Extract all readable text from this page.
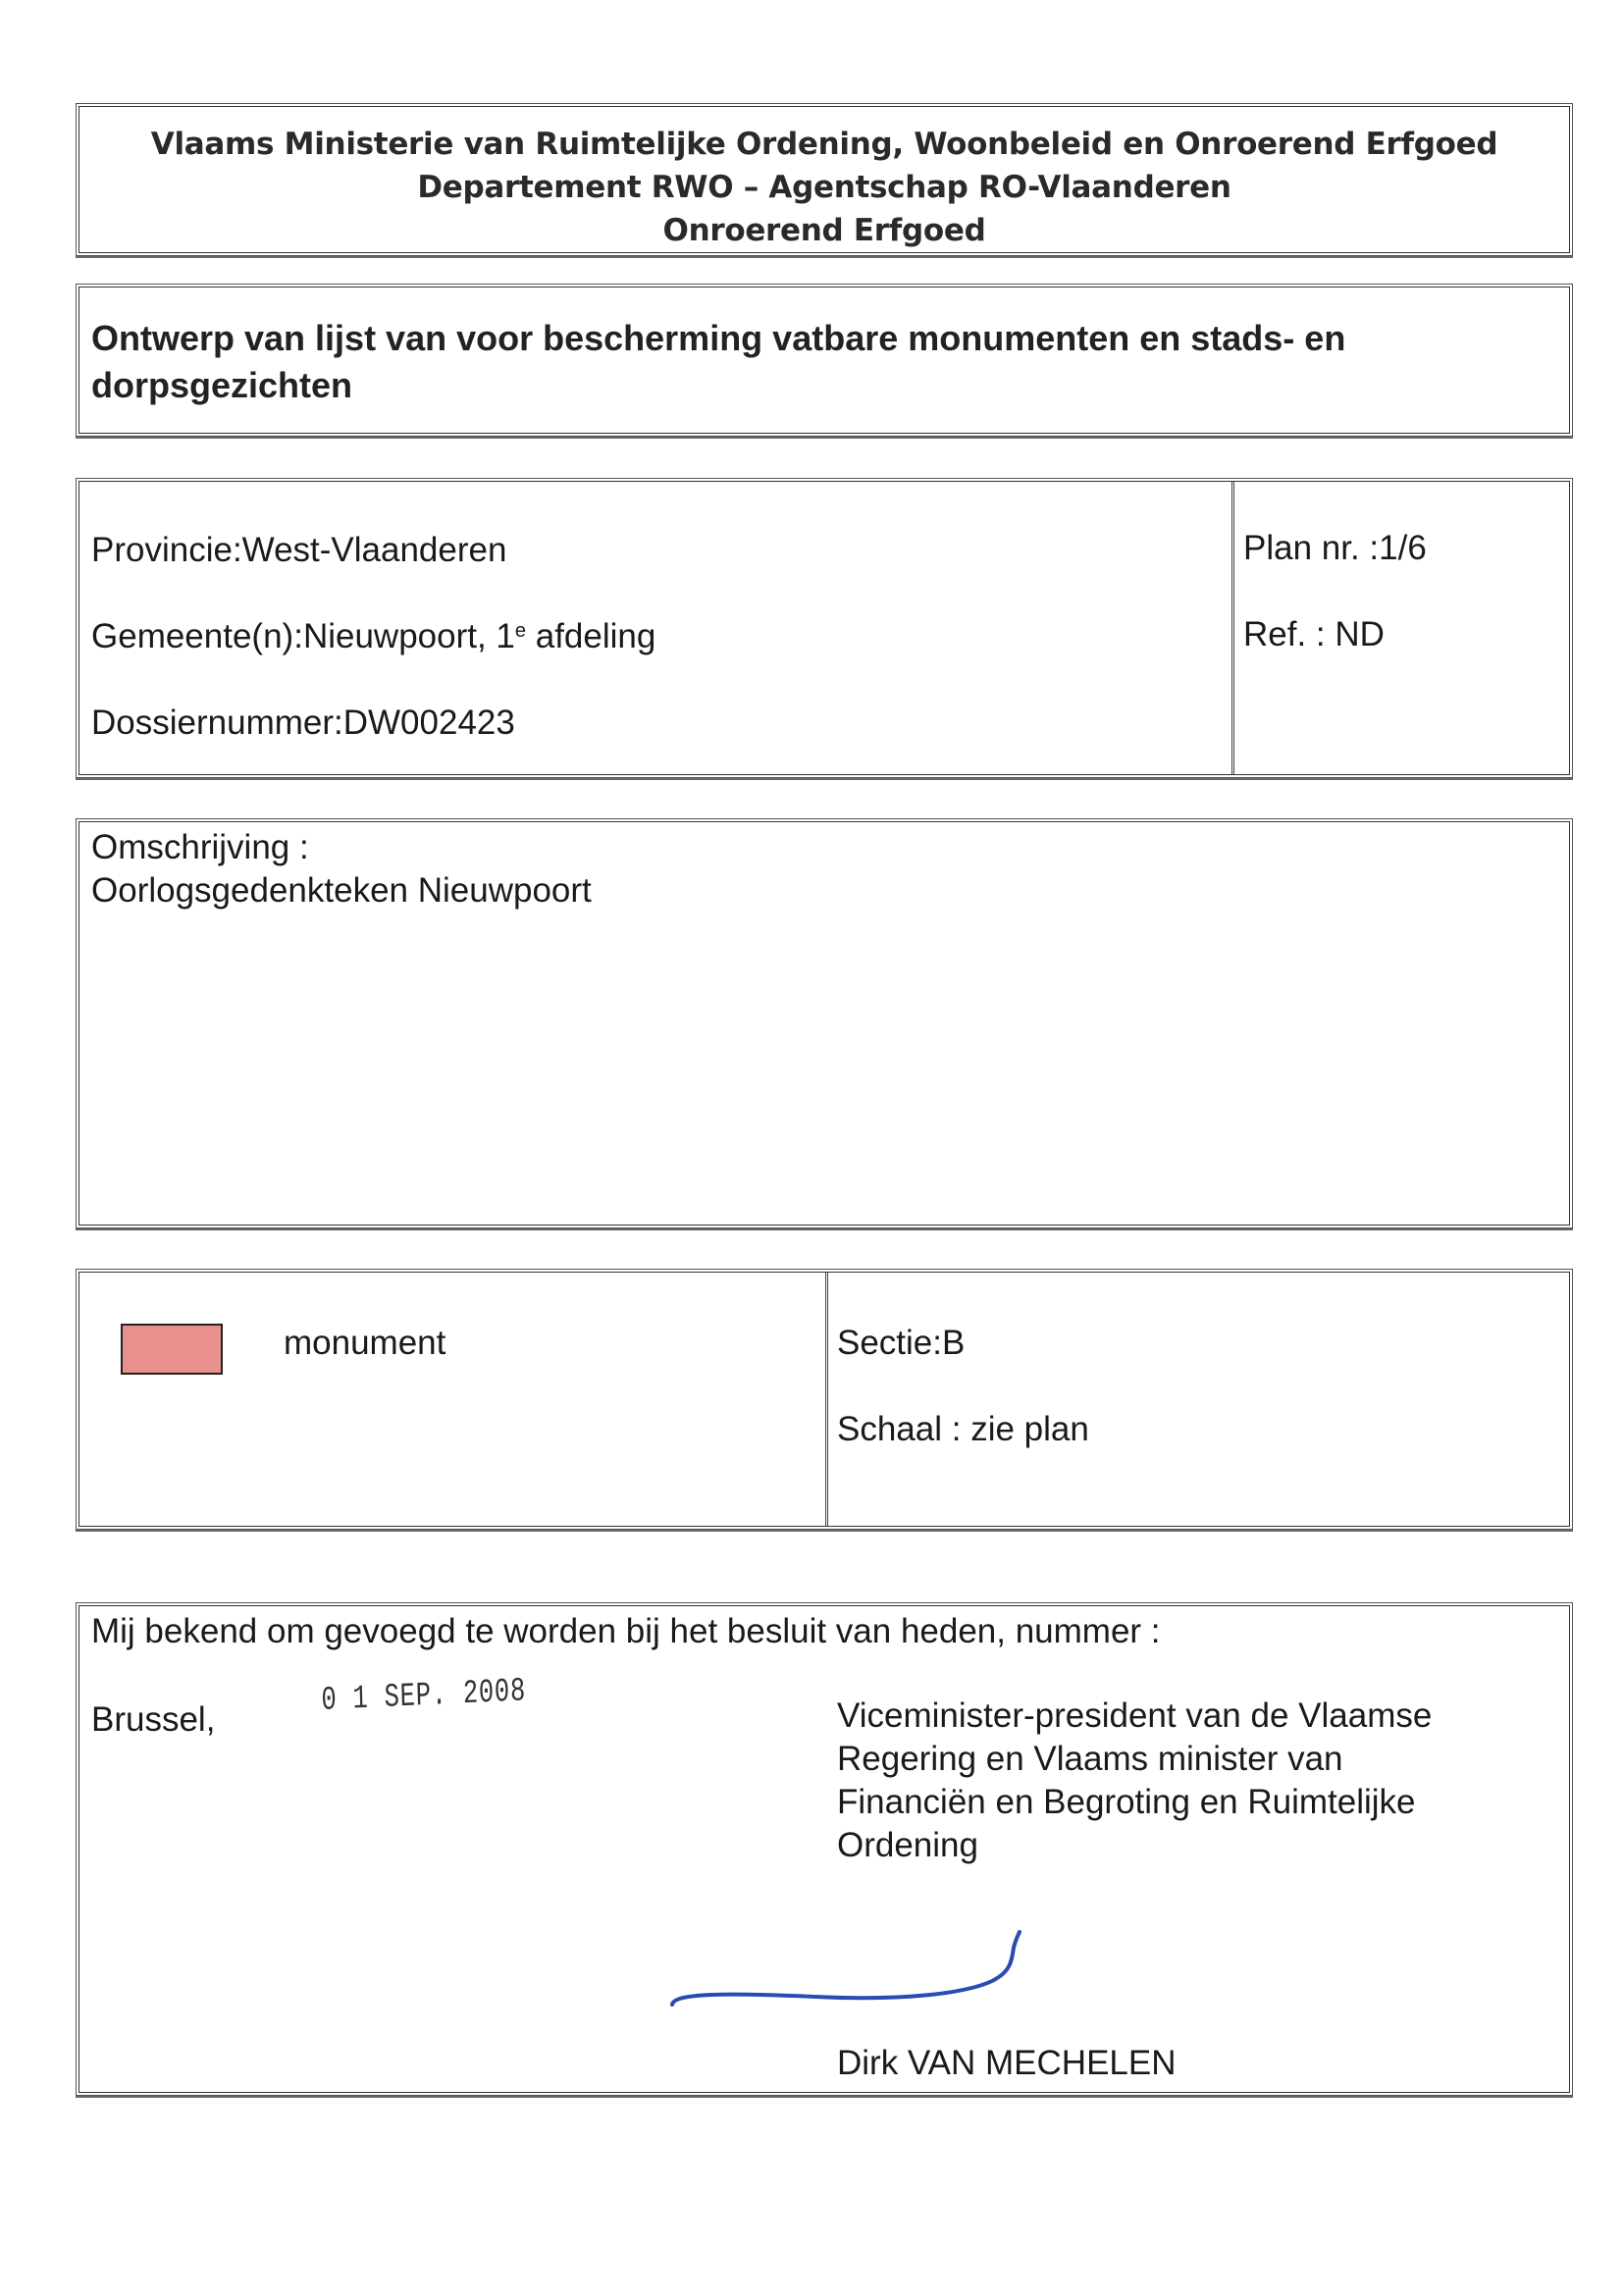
Vlaams Ministerie van Ruimtelijke Ordening, Woonbeleid en Onroerend Erfgoed
Departement RWO – Agentschap RO-Vlaanderen
Onroerend Erfgoed
Ontwerp van lijst van voor bescherming vatbare monumenten en stads- en
dorpsgezichten
Provincie:West-Vlaanderen
Gemeente(n):Nieuwpoort, 1e afdeling
Dossiernummer:DW002423
Plan nr. :1/6
Ref. : ND
Omschrijving :
Oorlogsgedenkteken Nieuwpoort
monument	Sectie:B
Schaal : zie plan
Mij bekend om gevoegd te worden bij het besluit van heden, nummer :
Brussel,	0 1 SEP. 2008	Viceminister-president van de Vlaamse
Regering en Vlaams minister van
Financiën en Begroting en Ruimtelijke
Ordening
Dirk VAN MECHELEN
